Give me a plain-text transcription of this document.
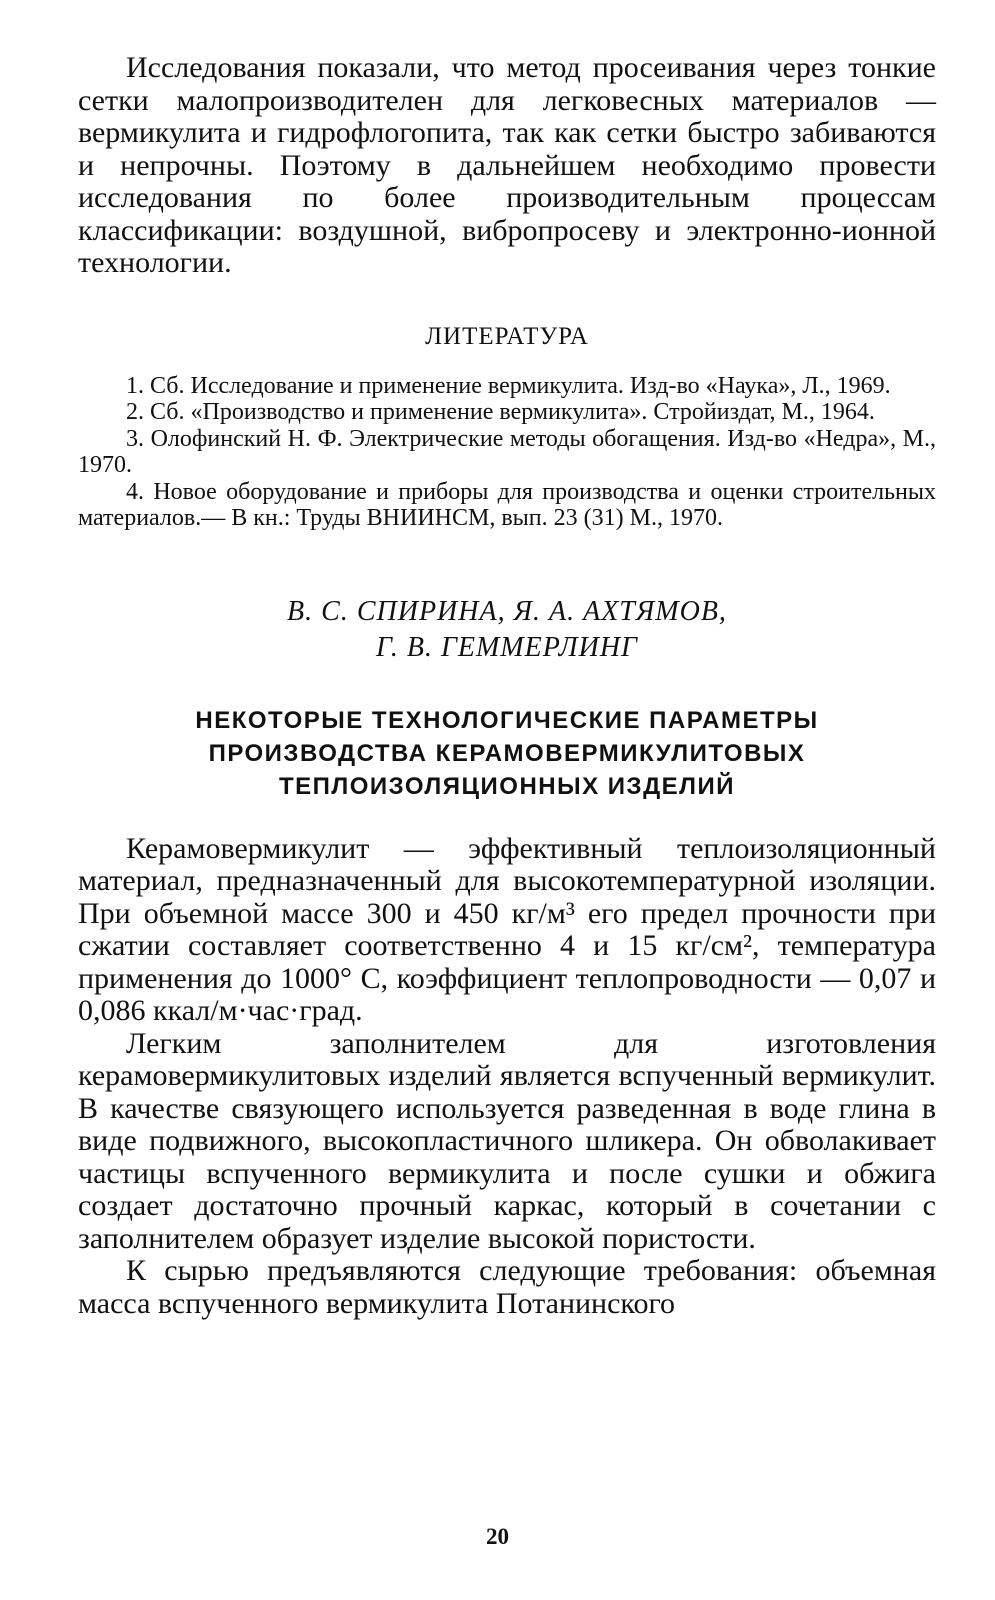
Исследования показали, что метод просеивания через тонкие сетки малопроизводителен для легковесных материалов — вермикулита и гидрофлогопита, так как сетки быстро забиваются и непрочны. Поэтому в дальнейшем необходимо провести исследования по более производительным процессам классификации: воздушной, вибропросеву и электронно-ионной технологии.

ЛИТЕРАТУРА

1. Сб. Исследование и применение вермикулита. Изд-во «Наука», Л., 1969.

2. Сб. «Производство и применение вермикулита». Стройиздат, М., 1964.

3. Олофинский Н. Ф. Электрические методы обогащения. Изд-во «Недра», М., 1970.

4. Новое оборудование и приборы для производства и оценки строительных материалов.— В кн.: Труды ВНИИНСМ, вып. 23 (31) М., 1970.

В. С. СПИРИНА, Я. А. АХТЯМОВ,
Г. В. ГЕММЕРЛИНГ
НЕКОТОРЫЕ ТЕХНОЛОГИЧЕСКИЕ ПАРАМЕТРЫ
ПРОИЗВОДСТВА КЕРАМОВЕРМИКУЛИТОВЫХ
ТЕПЛОИЗОЛЯЦИОННЫХ ИЗДЕЛИЙ

Керамовермикулит — эффективный теплоизоляционный материал, предназначенный для высокотемпературной изоляции. При объемной массе 300 и 450 кг/м³ его предел прочности при сжатии составляет соответственно 4 и 15 кг/см², температура применения до 1000° С, коэффициент теплопроводности — 0,07 и 0,086 ккал/м·час·град.

Легким заполнителем для изготовления керамовермикулитовых изделий является вспученный вермикулит. В качестве связующего используется разведенная в воде глина в виде подвижного, высокопластичного шликера. Он обволакивает частицы вспученного вермикулита и после сушки и обжига создает достаточно прочный каркас, который в сочетании с заполнителем образует изделие высокой пористости.

К сырью предъявляются следующие требования: объемная масса вспученного вермикулита Потанинского

20
